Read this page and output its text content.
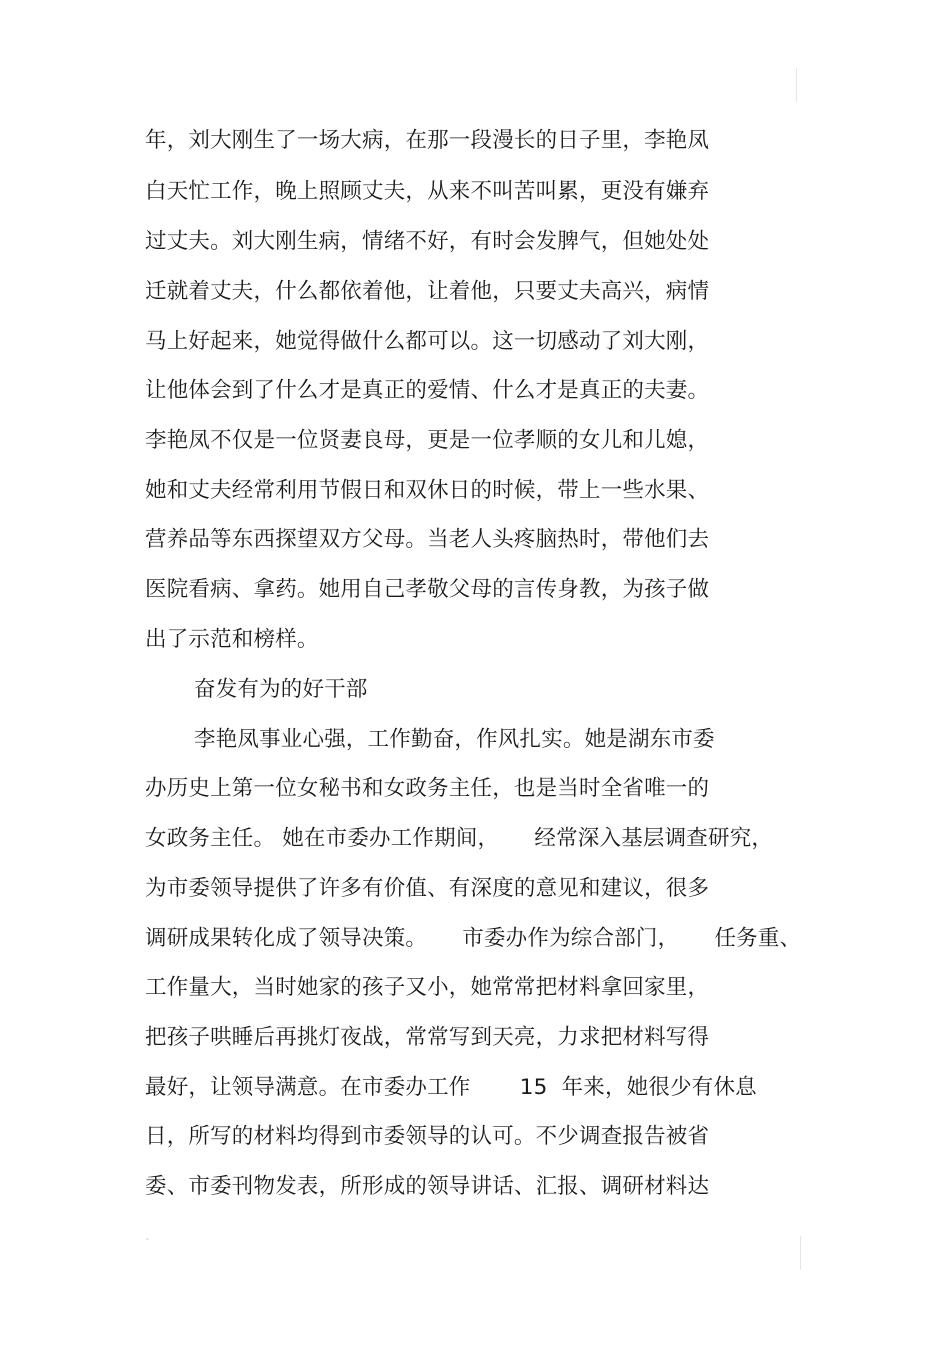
年，刘大刚生了一场大病，在那一段漫长的日子里，李艳凤
白天忙工作，晚上照顾丈夫，从来不叫苦叫累，更没有嫌弃
过丈夫。刘大刚生病，情绪不好，有时会发脾气，但她处处
迁就着丈夫，什么都依着他，让着他，只要丈夫高兴，病情
马上好起来，她觉得做什么都可以。这一切感动了刘大刚，
让他体会到了什么才是真正的爱情、什么才是真正的夫妻。
李艳凤不仅是一位贤妻良母，更是一位孝顺的女儿和儿媳，
她和丈夫经常利用节假日和双休日的时候，带上一些水果、
营养品等东西探望双方父母。当老人头疼脑热时，带他们去
医院看病、拿药。她用自己孝敬父母的言传身教，为孩子做
出了示范和榜样。
奋发有为的好干部
李艳凤事业心强，工作勤奋，作风扎实。她是湖东市委
办历史上第一位女秘书和女政务主任，也是当时全省唯一的
女政务主任。 她在市委办工作期间，     经常深入基层调查研究，
为市委领导提供了许多有价值、有深度的意见和建议，很多
调研成果转化成了领导决策。     市委办作为综合部门，     任务重、
工作量大，当时她家的孩子又小，她常常把材料拿回家里，
把孩子哄睡后再挑灯夜战，常常写到天亮，力求把材料写得
最好，让领导满意。在市委办工作       15  年来，她很少有休息
日，所写的材料均得到市委领导的认可。不少调查报告被省
委、市委刊物发表，所形成的领导讲话、汇报、调研材料达
